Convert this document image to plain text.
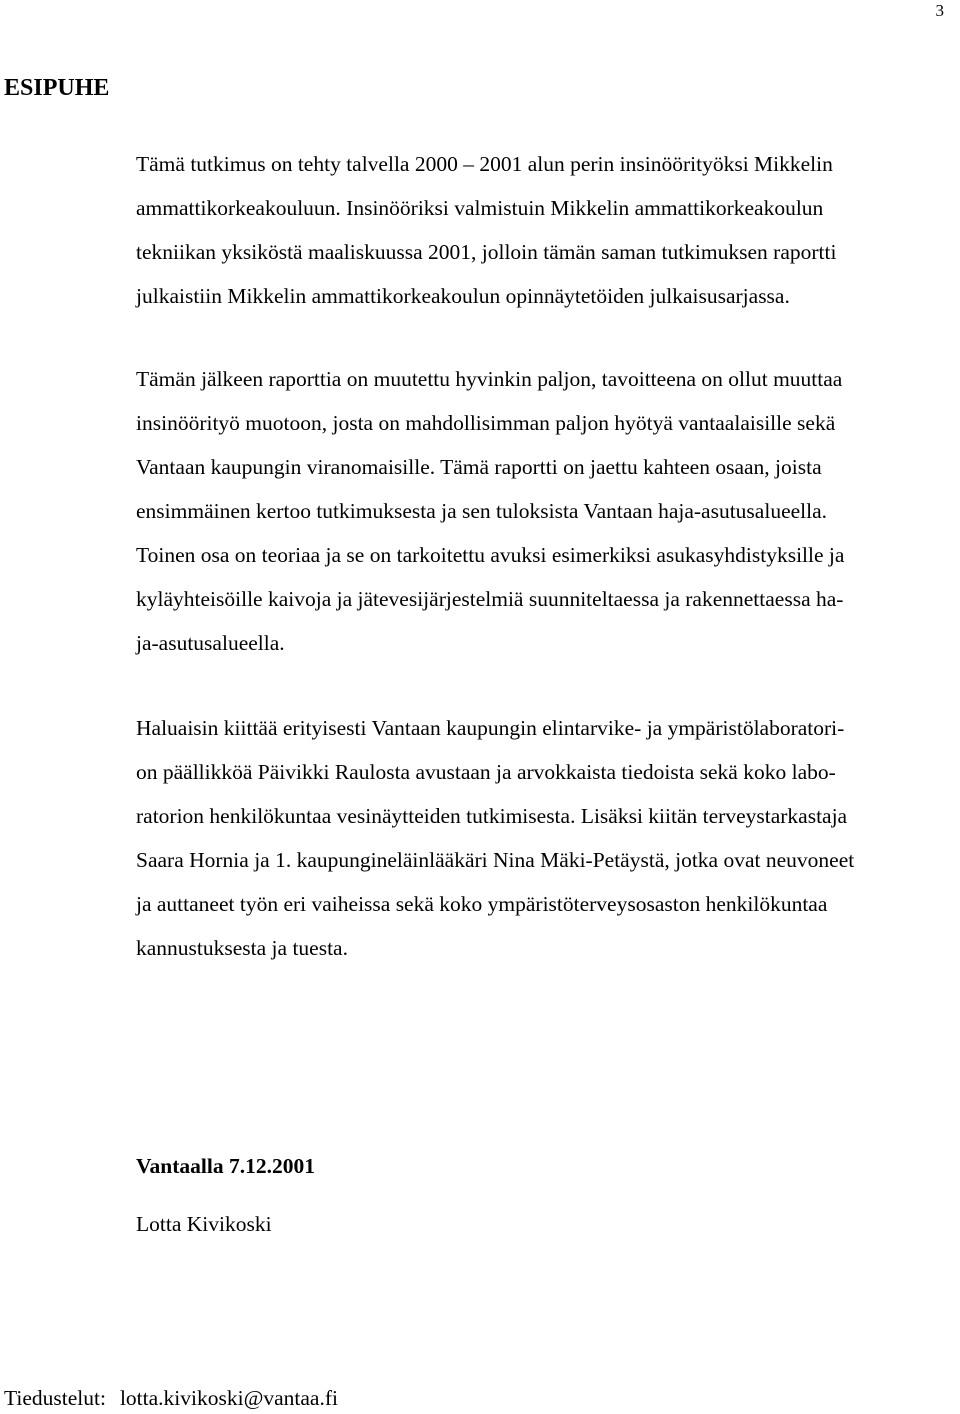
3
ESIPUHE

Tämä tutkimus on tehty talvella 2000 – 2001 alun perin insinöörityöksi Mikkelin
ammattikorkeakouluun. Insinööriksi valmistuin Mikkelin ammattikorkeakoulun
tekniikan yksiköstä maaliskuussa 2001, jolloin tämän saman tutkimuksen raportti
julkaistiin Mikkelin ammattikorkeakoulun opinnäytetöiden julkaisusarjassa.

Tämän jälkeen raporttia on muutettu hyvinkin paljon, tavoitteena on ollut muuttaa
insinöörityö muotoon, josta on mahdollisimman paljon hyötyä vantaalaisille sekä
Vantaan kaupungin viranomaisille. Tämä raportti on jaettu kahteen osaan, joista
ensimmäinen kertoo tutkimuksesta ja sen tuloksista Vantaan haja-asutusalueella.
Toinen osa on teoriaa ja se on tarkoitettu avuksi esimerkiksi asukasyhdistyksille ja
kyläyhteisöille kaivoja ja jätevesijärjestelmiä suunniteltaessa ja rakennettaessa ha-
ja-asutusalueella.

Haluaisin kiittää erityisesti Vantaan kaupungin elintarvike- ja ympäristölaboratori-
on päällikköä Päivikki Raulosta avustaan ja arvokkaista tiedoista sekä koko labo-
ratorion henkilökuntaa vesinäytteiden tutkimisesta. Lisäksi kiitän terveystarkastaja
Saara Hornia ja 1. kaupungineläinlääkäri Nina Mäki-Petäystä, jotka ovat neuvoneet
ja auttaneet työn eri vaiheissa sekä koko ympäristöterveysosaston henkilökuntaa
kannustuksesta ja tuesta.

Vantaalla 7.12.2001
Lotta Kivikoski
Tiedustelut: lotta.kivikoski@vantaa.fi
